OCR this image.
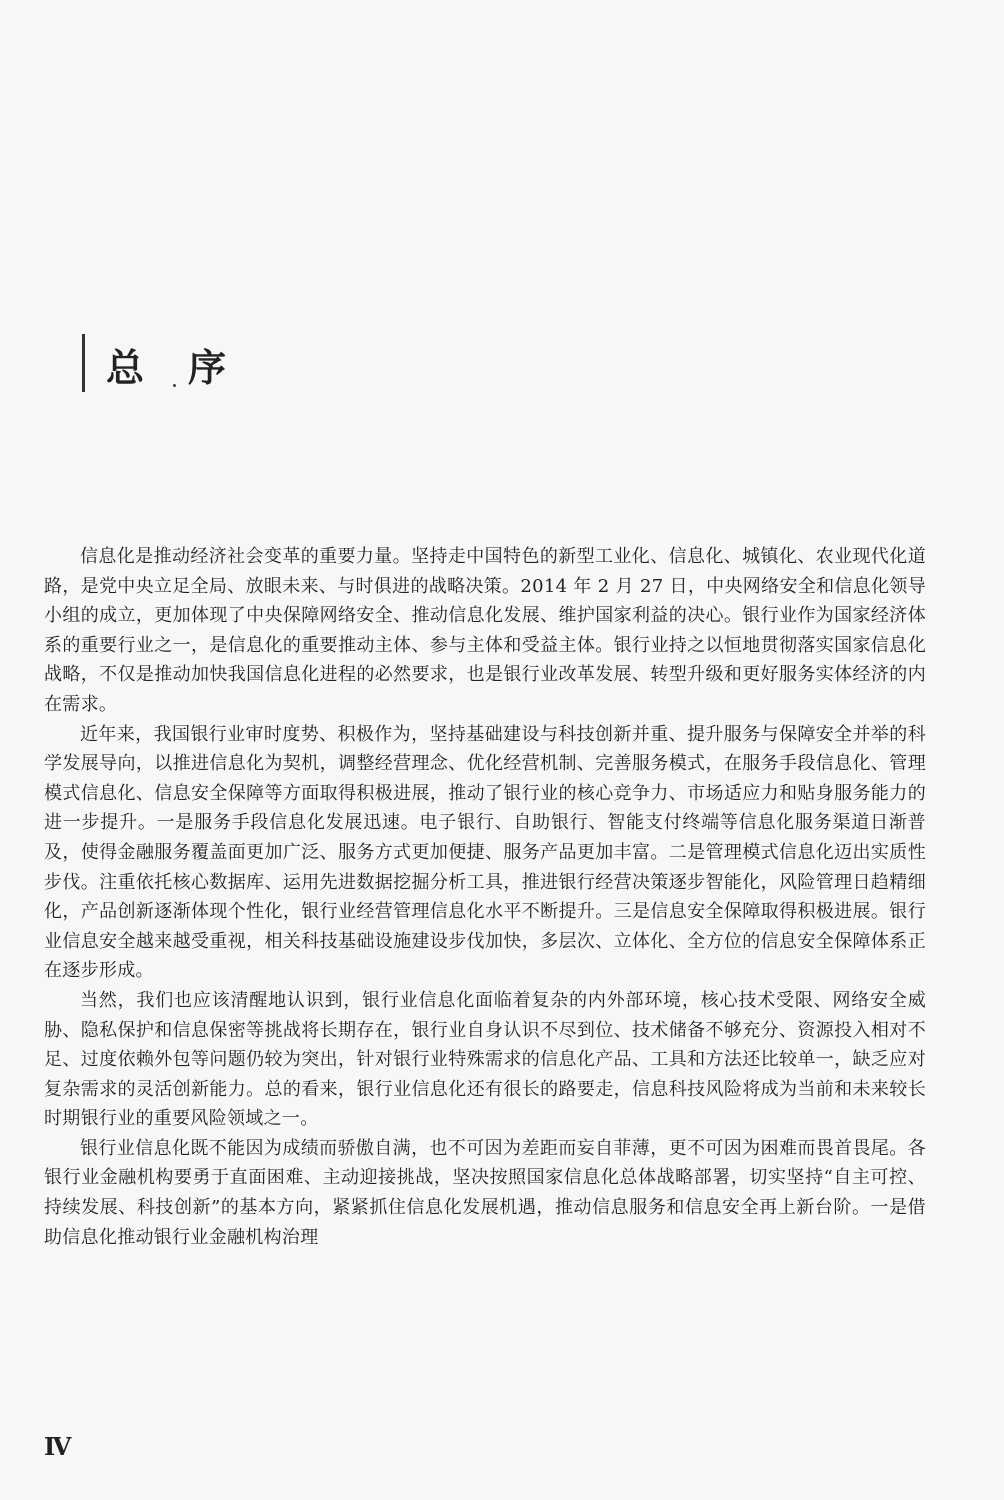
总 序

信息化是推动经济社会变革的重要力量。坚持走中国特色的新型工业化、信息化、城镇化、农业现代化道路，是党中央立足全局、放眼未来、与时俱进的战略决策。2014 年 2 月 27 日，中央网络安全和信息化领导小组的成立，更加体现了中央保障网络安全、推动信息化发展、维护国家利益的决心。银行业作为国家经济体系的重要行业之一，是信息化的重要推动主体、参与主体和受益主体。银行业持之以恒地贯彻落实国家信息化战略，不仅是推动加快我国信息化进程的必然要求，也是银行业改革发展、转型升级和更好服务实体经济的内在需求。

近年来，我国银行业审时度势、积极作为，坚持基础建设与科技创新并重、提升服务与保障安全并举的科学发展导向，以推进信息化为契机，调整经营理念、优化经营机制、完善服务模式，在服务手段信息化、管理模式信息化、信息安全保障等方面取得积极进展，推动了银行业的核心竞争力、市场适应力和贴身服务能力的进一步提升。一是服务手段信息化发展迅速。电子银行、自助银行、智能支付终端等信息化服务渠道日渐普及，使得金融服务覆盖面更加广泛、服务方式更加便捷、服务产品更加丰富。二是管理模式信息化迈出实质性步伐。注重依托核心数据库、运用先进数据挖掘分析工具，推进银行经营决策逐步智能化，风险管理日趋精细化，产品创新逐渐体现个性化，银行业经营管理信息化水平不断提升。三是信息安全保障取得积极进展。银行业信息安全越来越受重视，相关科技基础设施建设步伐加快，多层次、立体化、全方位的信息安全保障体系正在逐步形成。

当然，我们也应该清醒地认识到，银行业信息化面临着复杂的内外部环境，核心技术受限、网络安全威胁、隐私保护和信息保密等挑战将长期存在，银行业自身认识不尽到位、技术储备不够充分、资源投入相对不足、过度依赖外包等问题仍较为突出，针对银行业特殊需求的信息化产品、工具和方法还比较单一，缺乏应对复杂需求的灵活创新能力。总的看来，银行业信息化还有很长的路要走，信息科技风险将成为当前和未来较长时期银行业的重要风险领域之一。

银行业信息化既不能因为成绩而骄傲自满，也不可因为差距而妄自菲薄，更不可因为困难而畏首畏尾。各银行业金融机构要勇于直面困难、主动迎接挑战，坚决按照国家信息化总体战略部署，切实坚持“自主可控、持续发展、科技创新”的基本方向，紧紧抓住信息化发展机遇，推动信息服务和信息安全再上新台阶。一是借助信息化推动银行业金融机构治理

Ⅳ
